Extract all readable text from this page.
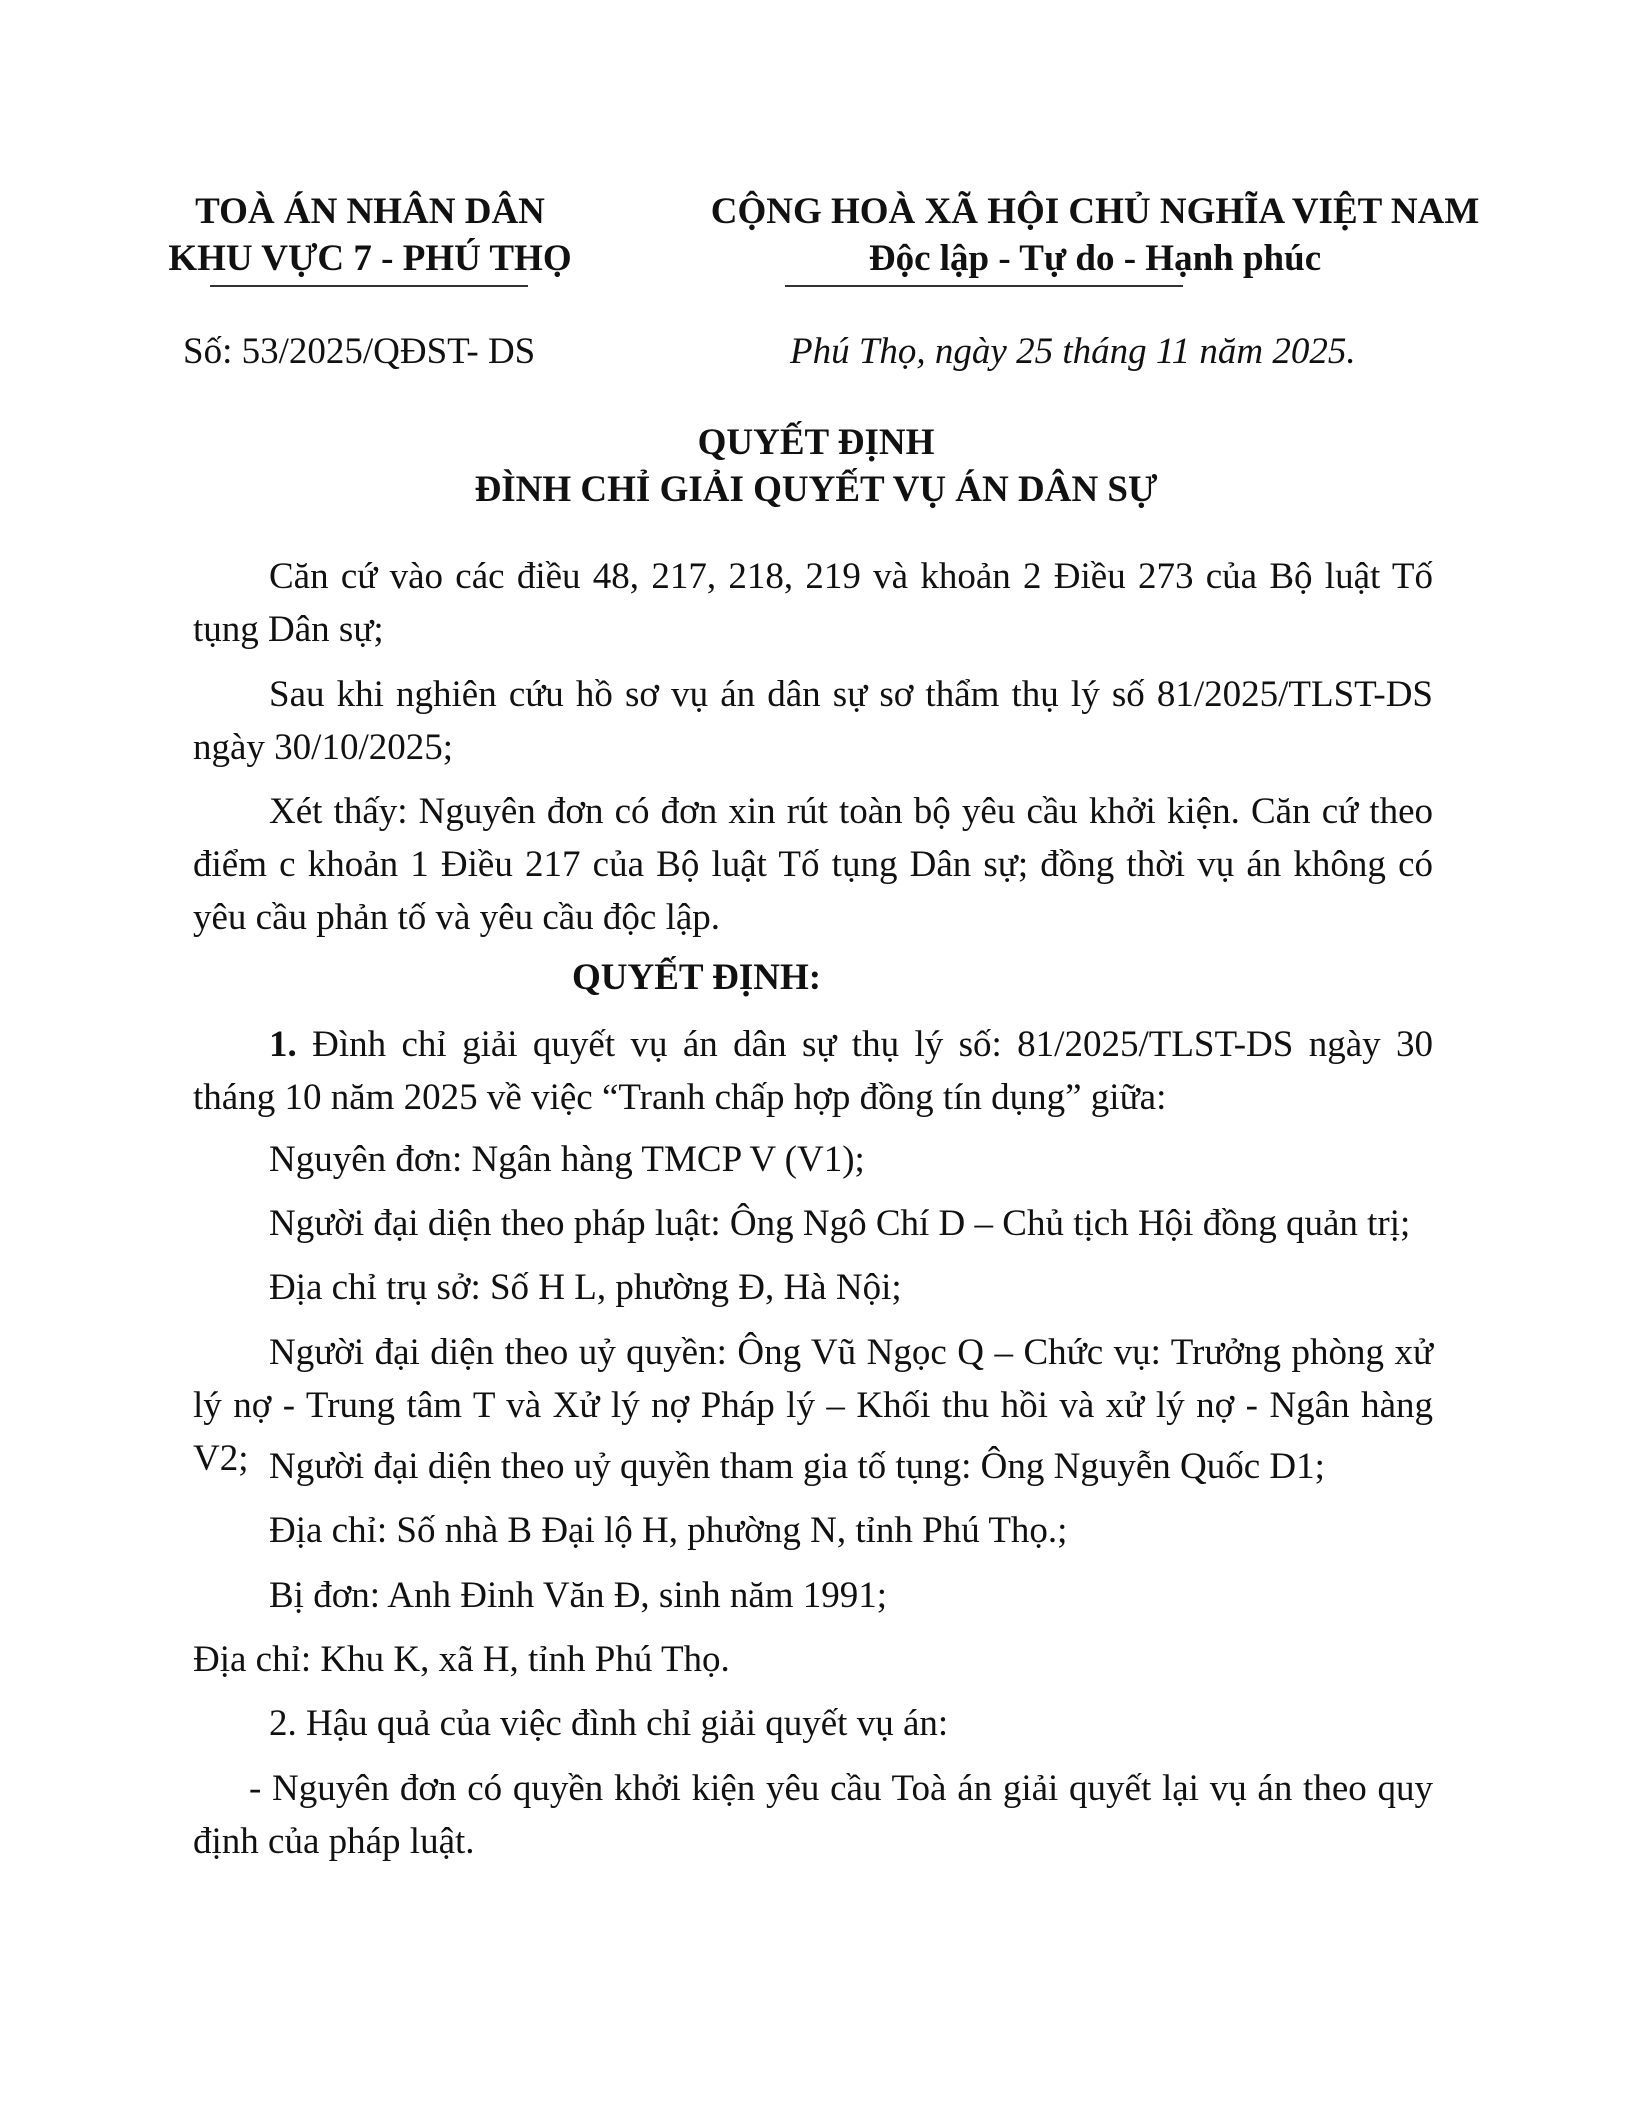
TOÀ ÁN NHÂN DÂN
KHU VỰC 7 - PHÚ THỌ
CỘNG HOÀ XÃ HỘI CHỦ NGHĨA VIỆT NAM
Độc lập - Tự do - Hạnh phúc
Số: 53/2025/QĐST- DS	Phú Thọ, ngày 25 tháng 11 năm 2025.
QUYẾT ĐỊNH
ĐÌNH CHỈ GIẢI QUYẾT VỤ ÁN DÂN SỰ
Căn cứ vào các điều 48, 217, 218, 219 và khoản 2 Điều 273 của Bộ luật Tố tụng Dân sự;
Sau khi nghiên cứu hồ sơ vụ án dân sự sơ thẩm thụ lý số 81/2025/TLST-DS ngày 30/10/2025;
Xét thấy: Nguyên đơn có đơn xin rút toàn bộ yêu cầu khởi kiện. Căn cứ theo điểm c khoản 1 Điều 217 của Bộ luật Tố tụng Dân sự; đồng thời vụ án không có yêu cầu phản tố và yêu cầu độc lập.
QUYẾT ĐỊNH:
1. Đình chỉ giải quyết vụ án dân sự thụ lý số: 81/2025/TLST-DS ngày 30 tháng 10 năm 2025 về việc “Tranh chấp hợp đồng tín dụng” giữa:
Nguyên đơn: Ngân hàng TMCP V (V1);
Người đại diện theo pháp luật: Ông Ngô Chí D – Chủ tịch Hội đồng quản trị;
Địa chỉ trụ sở: Số H L, phường Đ, Hà Nội;
Người đại diện theo uỷ quyền: Ông Vũ Ngọc Q – Chức vụ: Trưởng phòng xử lý nợ - Trung tâm T và Xử lý nợ Pháp lý – Khối thu hồi và xử lý nợ - Ngân hàng V2; Người đại diện theo uỷ quyền tham gia tố tụng: Ông Nguyễn Quốc D1;
Địa chỉ: Số nhà B Đại lộ H, phường N, tỉnh Phú Thọ.;
Bị đơn: Anh Đinh Văn Đ, sinh năm 1991;
Địa chỉ: Khu K, xã H, tỉnh Phú Thọ.
2. Hậu quả của việc đình chỉ giải quyết vụ án:
- Nguyên đơn có quyền khởi kiện yêu cầu Toà án giải quyết lại vụ án theo quy định của pháp luật.
